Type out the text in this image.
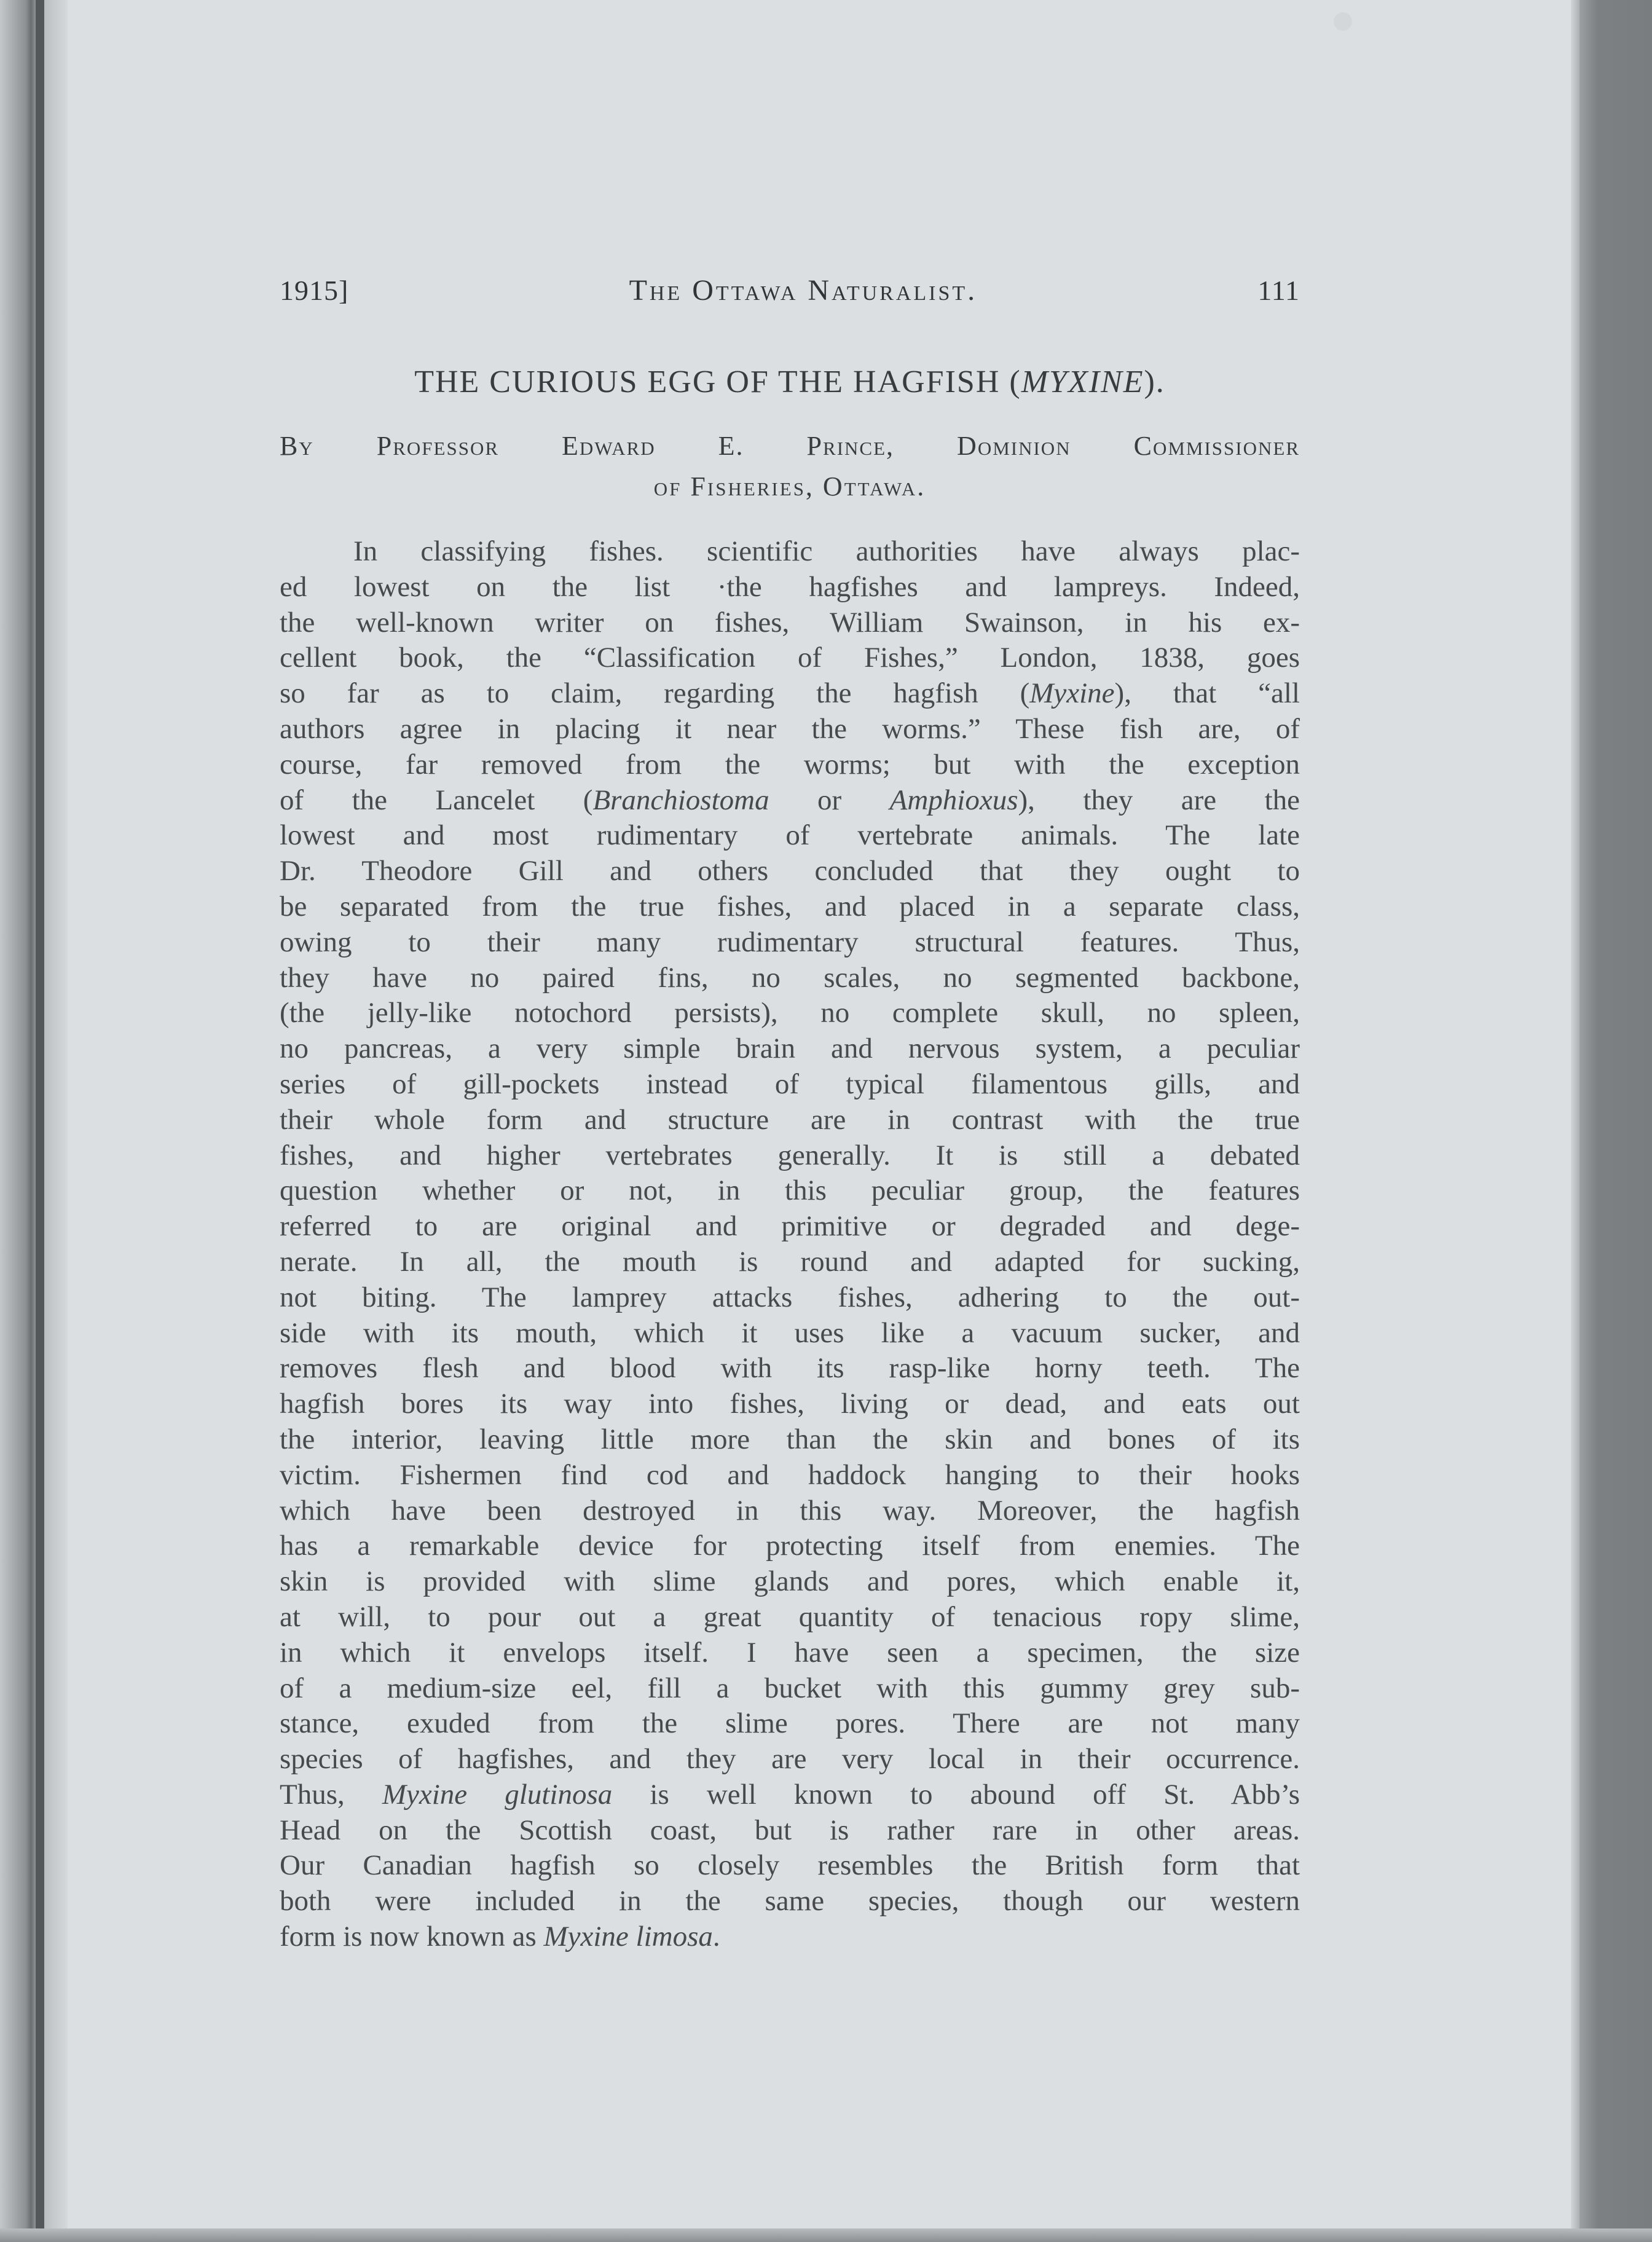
1915]	The Ottawa Naturalist.	111
THE CURIOUS EGG OF THE HAGFISH (MYXINE).
By Professor Edward E. Prince, Dominion Commissioner
of Fisheries, Ottawa.
In classifying fishes. scientific authorities have always plac-
ed lowest on the list ·the hagfishes and lampreys. Indeed,
the well-known writer on fishes, William Swainson, in his ex-
cellent book, the “Classification of Fishes,” London, 1838, goes
so far as to claim, regarding the hagfish (Myxine), that “all
authors agree in placing it near the worms.” These fish are, of
course, far removed from the worms; but with the exception
of the Lancelet (Branchiostoma or Amphioxus), they are the
lowest and most rudimentary of vertebrate animals. The late
Dr. Theodore Gill and others concluded that they ought to
be separated from the true fishes, and placed in a separate class,
owing to their many rudimentary structural features. Thus,
they have no paired fins, no scales, no segmented backbone,
(the jelly-like notochord persists), no complete skull, no spleen,
no pancreas, a very simple brain and nervous system, a peculiar
series of gill-pockets instead of typical filamentous gills, and
their whole form and structure are in contrast with the true
fishes, and higher vertebrates generally. It is still a debated
question whether or not, in this peculiar group, the features
referred to are original and primitive or degraded and dege-
nerate. In all, the mouth is round and adapted for sucking,
not biting. The lamprey attacks fishes, adhering to the out-
side with its mouth, which it uses like a vacuum sucker, and
removes flesh and blood with its rasp-like horny teeth. The
hagfish bores its way into fishes, living or dead, and eats out
the interior, leaving little more than the skin and bones of its
victim. Fishermen find cod and haddock hanging to their hooks
which have been destroyed in this way. Moreover, the hagfish
has a remarkable device for protecting itself from enemies. The
skin is provided with slime glands and pores, which enable it,
at will, to pour out a great quantity of tenacious ropy slime,
in which it envelops itself. I have seen a specimen, the size
of a medium-size eel, fill a bucket with this gummy grey sub-
stance, exuded from the slime pores. There are not many
species of hagfishes, and they are very local in their occurrence.
Thus, Myxine glutinosa is well known to abound off St. Abb’s
Head on the Scottish coast, but is rather rare in other areas.
Our Canadian hagfish so closely resembles the British form that
both were included in the same species, though our western
form is now known as Myxine limosa.
